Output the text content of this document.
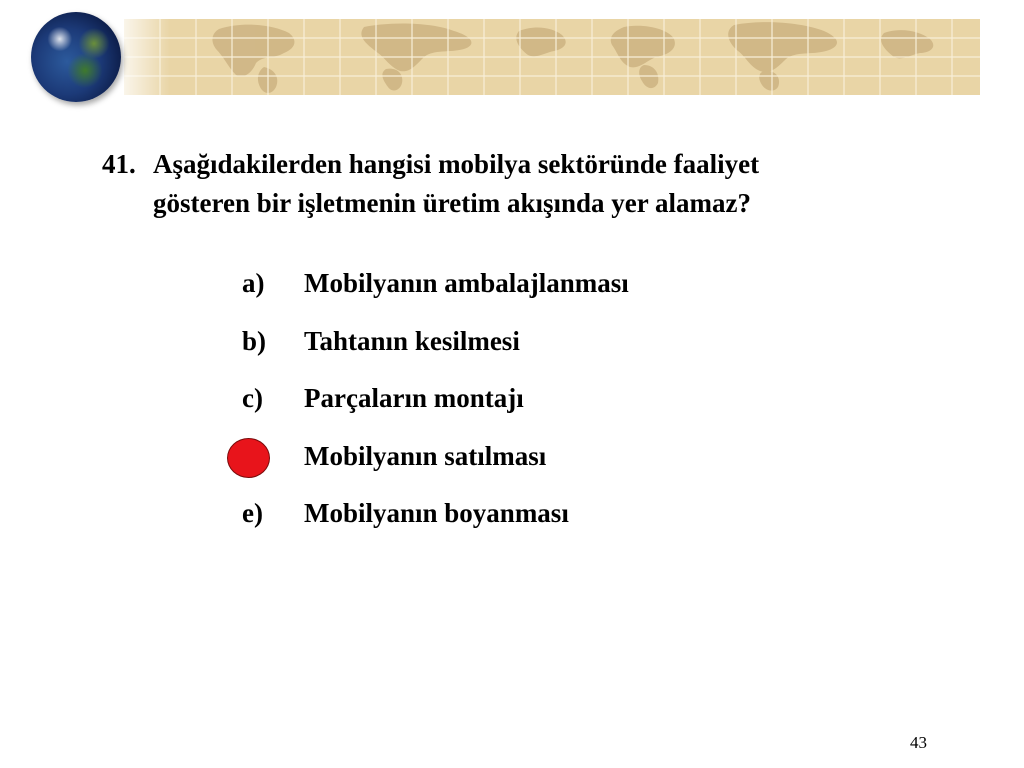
41. Aşağıdakilerden hangisi mobilya sektöründe faaliyet
gösteren bir işletmenin üretim akışında yer alamaz?
a) Mobilyanın ambalajlanması
b) Tahtanın kesilmesi
c) Parçaların montajı
Mobilyanın satılması
e) Mobilyanın boyanması
43
